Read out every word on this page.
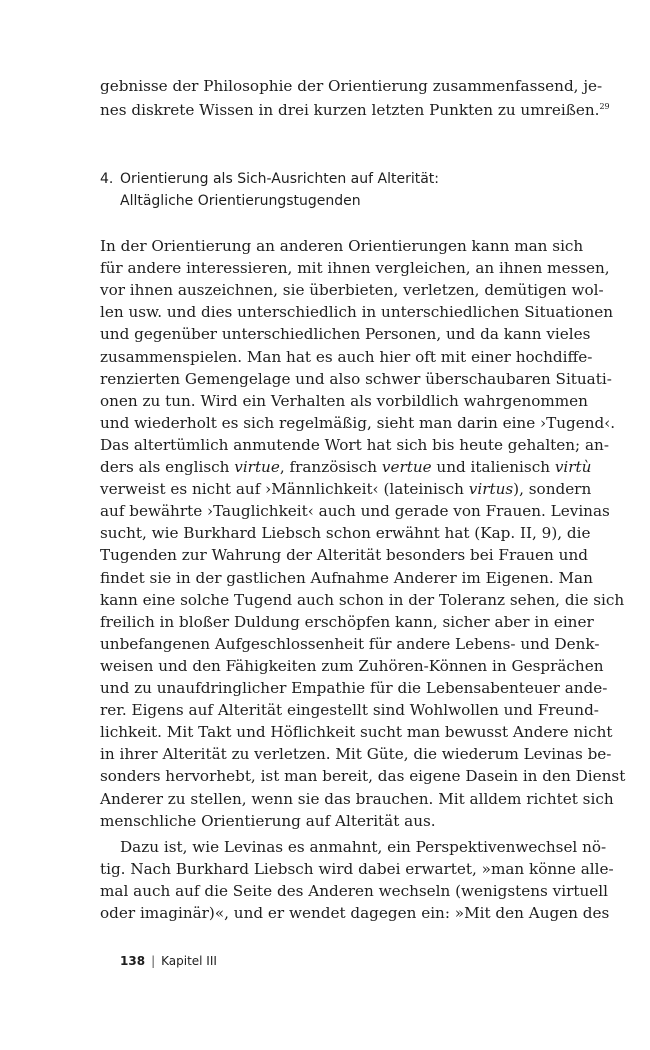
gebnisse der Philosophie der Orientierung zusammenfassend, je-
nes diskrete Wissen in drei kurzen letzten Punkten zu umreißen.$^{29}$
4. Orientierung als Sich-Ausrichten auf Alterität:
Alltägliche Orientierungstugenden
In der Orientierung an anderen Orientierungen kann man sich
für andere interessieren, mit ihnen vergleichen, an ihnen messen,
vor ihnen auszeichnen, sie überbieten, verletzen, demütigen wol-
len usw. und dies unterschiedlich in unterschiedlichen Situationen
und gegenüber unterschiedlichen Personen, und da kann vieles
zusammenspielen. Man hat es auch hier oft mit einer hochdiffe-
renzierten Gemengelage und also schwer überschaubaren Situati-
onen zu tun. Wird ein Verhalten als vorbildlich wahrgenommen
und wiederholt es sich regelmäßig, sieht man darin eine ›Tugend‹.
Das altertümlich anmutende Wort hat sich bis heute gehalten; an-
ders als englisch virtue, französisch vertue und italienisch virtù
verweist es nicht auf ›Männlichkeit‹ (lateinisch virtus), sondern
auf bewährte ›Tauglichkeit‹ auch und gerade von Frauen. Levinas
sucht, wie Burkhard Liebsch schon erwähnt hat (Kap. II, 9), die
Tugenden zur Wahrung der Alterität besonders bei Frauen und
findet sie in der gastlichen Aufnahme Anderer im Eigenen. Man
kann eine solche Tugend auch schon in der Toleranz sehen, die sich
freilich in bloßer Duldung erschöpfen kann, sicher aber in einer
unbefangenen Aufgeschlossenheit für andere Lebens- und Denk-
weisen und den Fähigkeiten zum Zuhören-Können in Gesprächen
und zu unaufdringlicher Empathie für die Lebensabenteuer ande-
rer. Eigens auf Alterität eingestellt sind Wohlwollen und Freund-
lichkeit. Mit Takt und Höflichkeit sucht man bewusst Andere nicht
in ihrer Alterität zu verletzen. Mit Güte, die wiederum Levinas be-
sonders hervorhebt, ist man bereit, das eigene Dasein in den Dienst
Anderer zu stellen, wenn sie das brauchen. Mit alldem richtet sich
menschliche Orientierung auf Alterität aus.
Dazu ist, wie Levinas es anmahnt, ein Perspektivenwechsel nö-
tig. Nach Burkhard Liebsch wird dabei erwartet, »man könne alle-
mal auch auf die Seite des Anderen wechseln (wenigstens virtuell
oder imaginär)«, und er wendet dagegen ein: »Mit den Augen des
138 | Kapitel III
